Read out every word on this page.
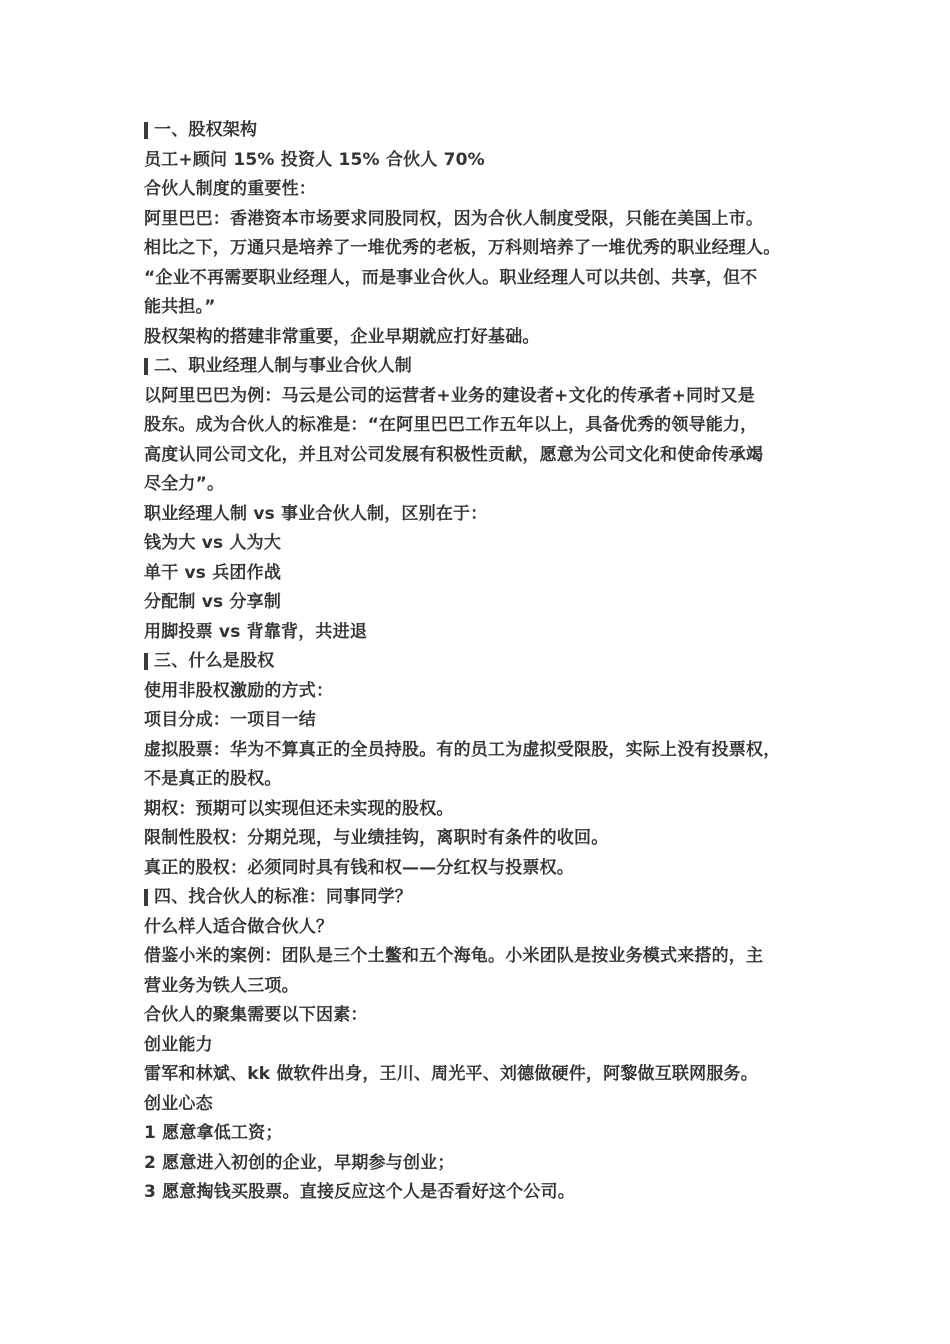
一、股权架构
员工+顾问 15% 投资人 15% 合伙人 70%
合伙人制度的重要性：
阿里巴巴：香港资本市场要求同股同权，因为合伙人制度受限，只能在美国上市。
相比之下，万通只是培养了一堆优秀的老板，万科则培养了一堆优秀的职业经理人。
“企业不再需要职业经理人，而是事业合伙人。职业经理人可以共创、共享，但不
能共担。”
股权架构的搭建非常重要，企业早期就应打好基础。
二、职业经理人制与事业合伙人制
以阿里巴巴为例：马云是公司的运营者+业务的建设者+文化的传承者+同时又是
股东。成为合伙人的标准是：“在阿里巴巴工作五年以上，具备优秀的领导能力，
高度认同公司文化，并且对公司发展有积极性贡献，愿意为公司文化和使命传承竭
尽全力”。
职业经理人制 vs 事业合伙人制，区别在于：
钱为大 vs 人为大
单干 vs 兵团作战
分配制 vs 分享制
用脚投票 vs 背靠背，共进退
三、什么是股权
使用非股权激励的方式：
项目分成：一项目一结
虚拟股票：华为不算真正的全员持股。有的员工为虚拟受限股，实际上没有投票权，
不是真正的股权。
期权：预期可以实现但还未实现的股权。
限制性股权：分期兑现，与业绩挂钩，离职时有条件的收回。
真正的股权：必须同时具有钱和权——分红权与投票权。
四、找合伙人的标准：同事同学？
什么样人适合做合伙人？
借鉴小米的案例：团队是三个土鳖和五个海龟。小米团队是按业务模式来搭的，主
营业务为铁人三项。
合伙人的聚集需要以下因素：
创业能力
雷军和林斌、kk 做软件出身，王川、周光平、刘德做硬件，阿黎做互联网服务。
创业心态
1 愿意拿低工资；
2 愿意进入初创的企业，早期参与创业；
3 愿意掏钱买股票。直接反应这个人是否看好这个公司。
